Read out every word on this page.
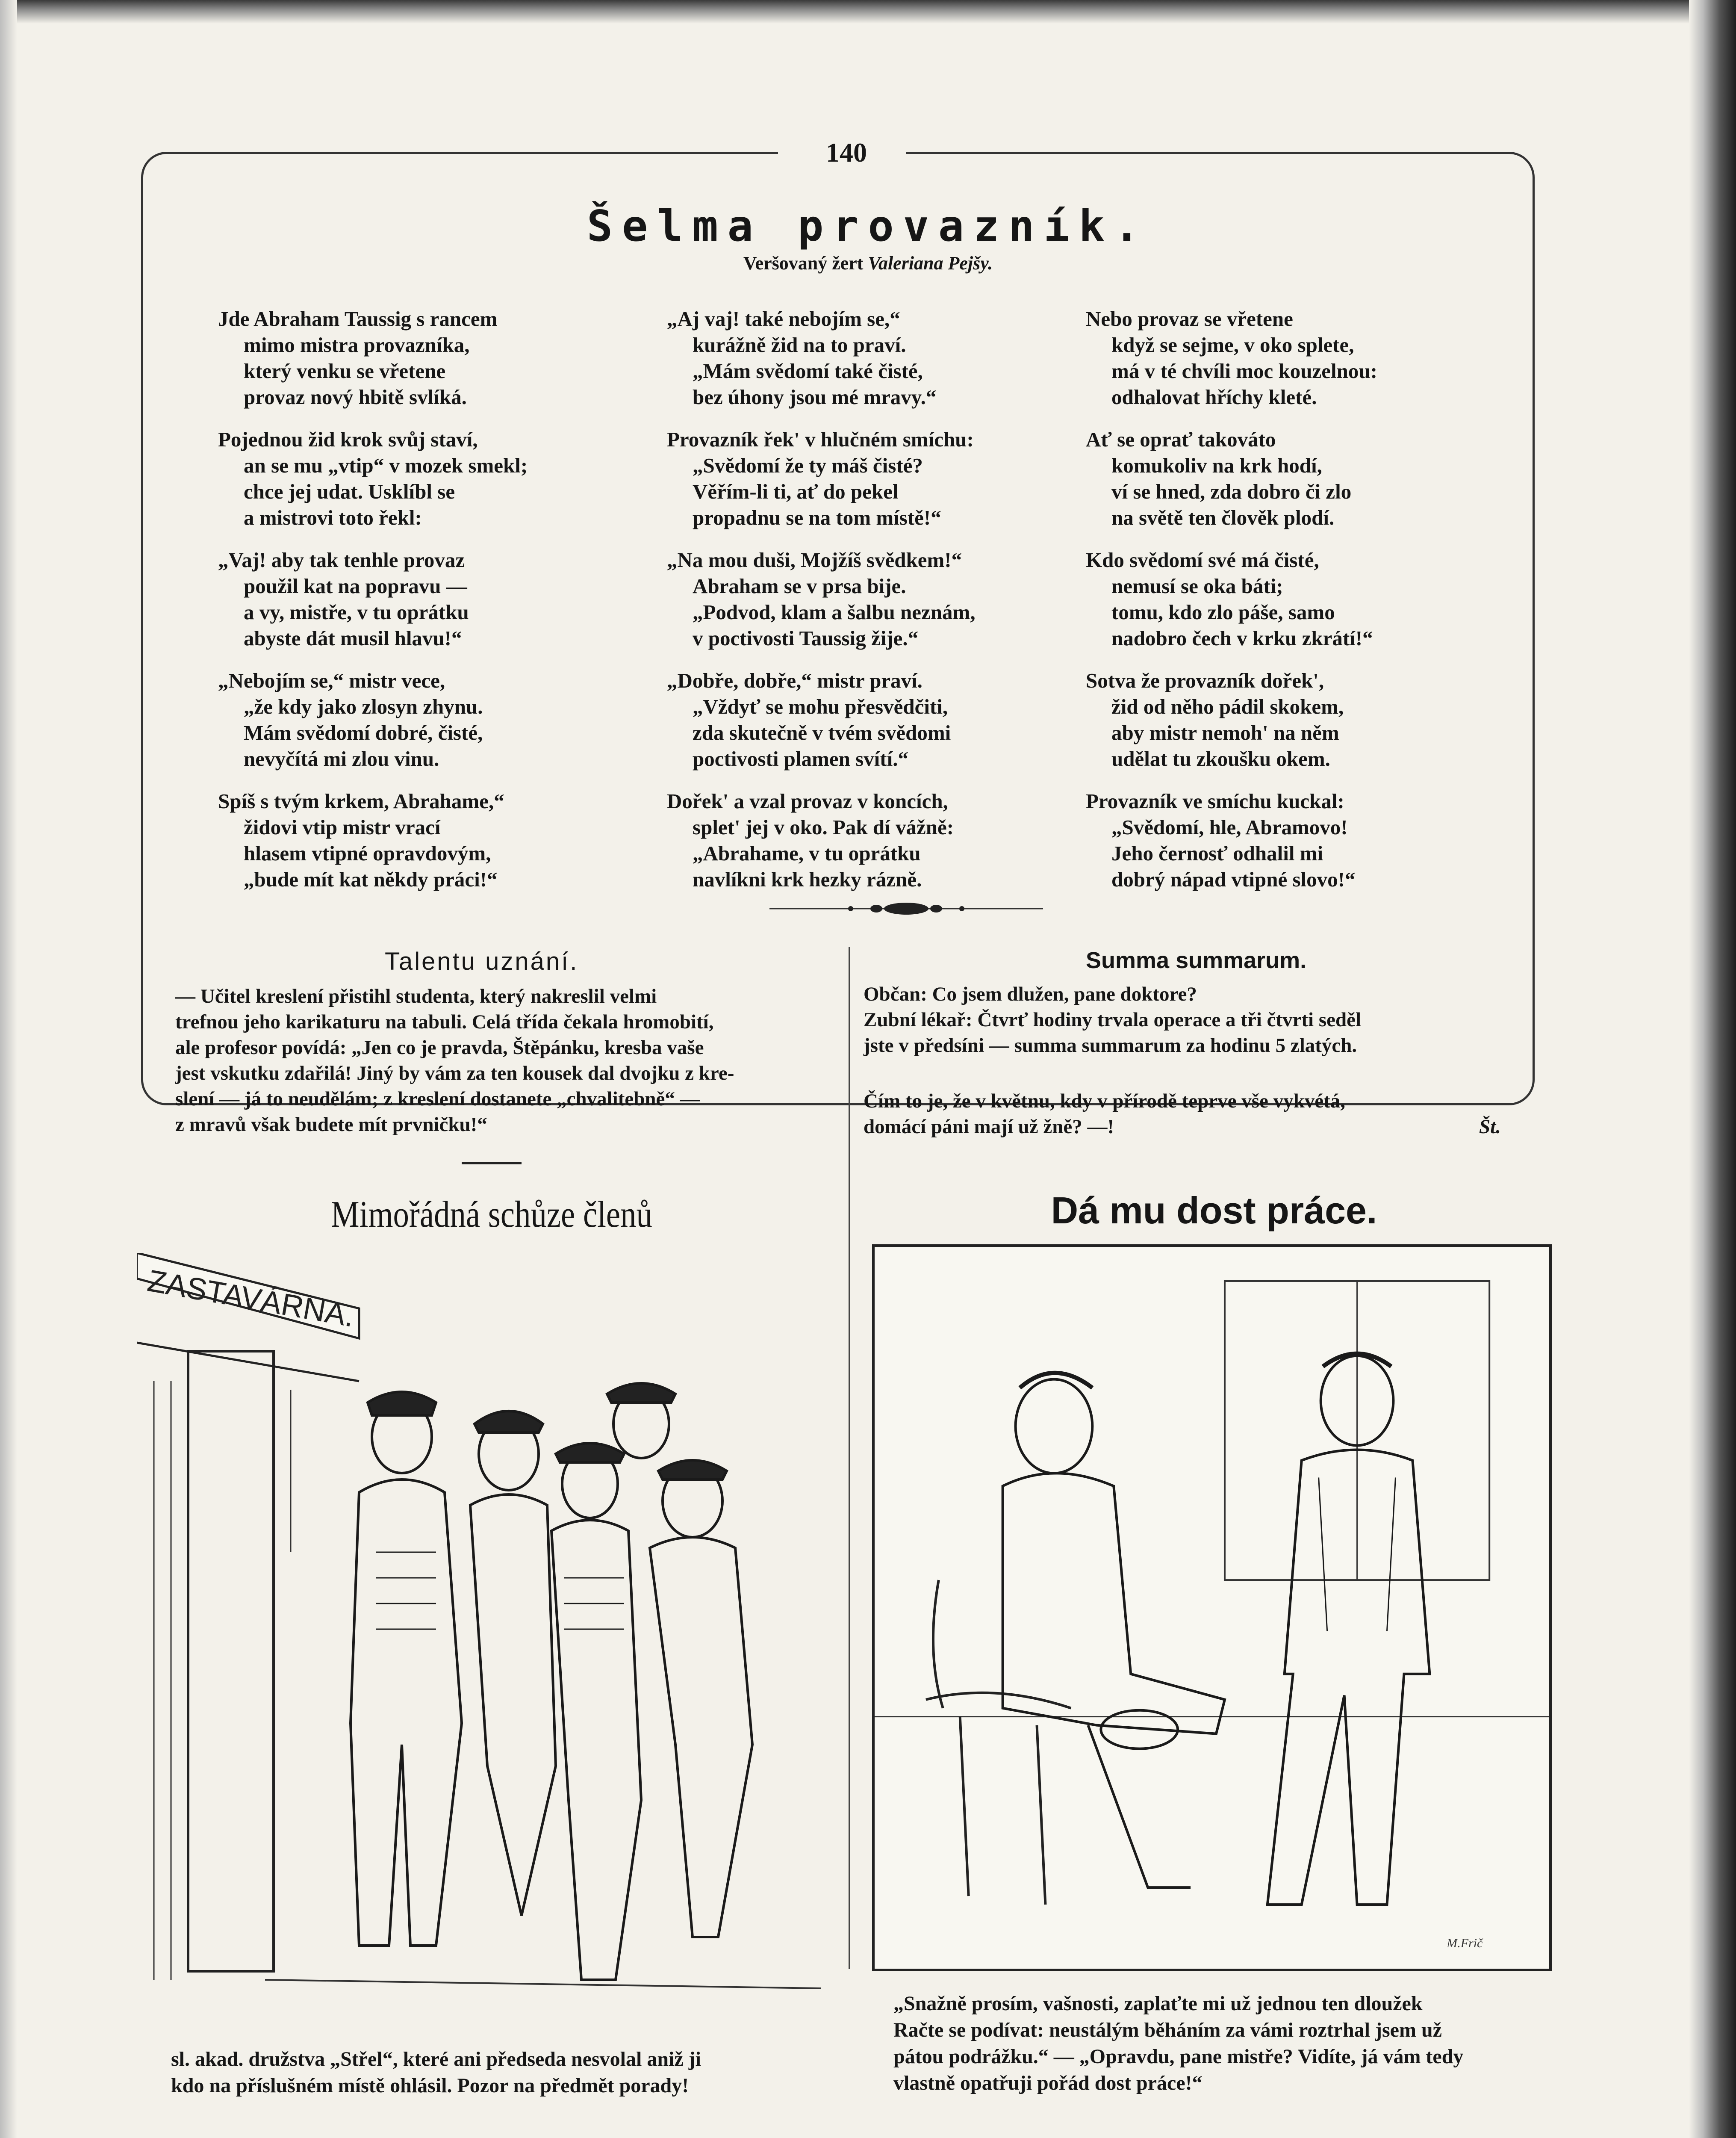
140
Šelma provazník.
Veršovaný žert Valeriana Pejšy.
Jde Abraham Taussig s rancem
mimo mistra provazníka,
který venku se vřetene
provaz nový hbitě svlíká.
Pojednou žid krok svůj staví,
an se mu „vtip“ v mozek smekl;
chce jej udat. Usklíbl se
a mistrovi toto řekl:
„Vaj! aby tak tenhle provaz
použil kat na popravu —
a vy, mistře, v tu oprátku
abyste dát musil hlavu!“
„Nebojím se,“ mistr vece,
„že kdy jako zlosyn zhynu.
Mám svědomí dobré, čisté,
nevyčítá mi zlou vinu.
Spíš s tvým krkem, Abrahame,“
židovi vtip mistr vrací
hlasem vtipné opravdovým,
„bude mít kat někdy práci!“
„Aj vaj! také nebojím se,“
kurážně žid na to praví.
„Mám svědomí také čisté,
bez úhony jsou mé mravy.“
Provazník řek' v hlučném smíchu:
„Svědomí že ty máš čisté?
Věřím-li ti, ať do pekel
propadnu se na tom místě!“
„Na mou duši, Mojžíš svědkem!“
Abraham se v prsa bije.
„Podvod, klam a šalbu neznám,
v poctivosti Taussig žije.“
„Dobře, dobře,“ mistr praví.
„Vždyť se mohu přesvědčiti,
zda skutečně v tvém svědomi
poctivosti plamen svítí.“
Dořek' a vzal provaz v koncích,
splet' jej v oko. Pak dí vážně:
„Abrahame, v tu oprátku
navlíkni krk hezky rázně.
Nebo provaz se vřetene
když se sejme, v oko splete,
má v té chvíli moc kouzelnou:
odhalovat hříchy kleté.
Ať se oprať takováto
komukoliv na krk hodí,
ví se hned, zda dobro či zlo
na světě ten člověk plodí.
Kdo svědomí své má čisté,
nemusí se oka báti;
tomu, kdo zlo páše, samo
nadobro čech v krku zkrátí!“
Sotva že provazník dořek',
žid od něho pádil skokem,
aby mistr nemoh' na něm
udělat tu zkoušku okem.
Provazník ve smíchu kuckal:
„Svědomí, hle, Abramovo!
Jeho černosť odhalil mi
dobrý nápad vtipné slovo!“
Talentu uznání.
— Učitel kreslení přistihl studenta, který nakreslil velmi
trefnou jeho karikaturu na tabuli. Celá třída čekala hromobití,
ale profesor povídá: „Jen co je pravda, Štěpánku, kresba vaše
jest vskutku zdařilá! Jiný by vám za ten kousek dal dvojku z kre-
slení — já to neudělám; z kreslení dostanete „chvalitebně“ —
z mravů však budete mít prvničku!“
Summa summarum.
Občan: Co jsem dlužen, pane doktore?
Zubní lékař: Čtvrť hodiny trvala operace a tři čtvrti seděl
jste v předsíni — summa summarum za hodinu 5 zlatých.
Čím to je, že v květnu, kdy v přírodě teprve vše vykvétá,
domácí páni mají už žně? —!	Št.
Mimořádná schůze členů	Dá mu dost práce.
ZASTAVÁRNA.
M.Frič
sl. akad. družstva „Střel“, které ani předseda nesvolal aniž ji
kdo na příslušném místě ohlásil. Pozor na předmět porady!
„Snažně prosím, vašnosti, zaplaťte mi už jednou ten dloužek
Račte se podívat: neustálým běháním za vámi roztrhal jsem už
pátou podrážku.“ — „Opravdu, pane mistře? Vidíte, já vám tedy
vlastně opatřuji pořád dost práce!“
